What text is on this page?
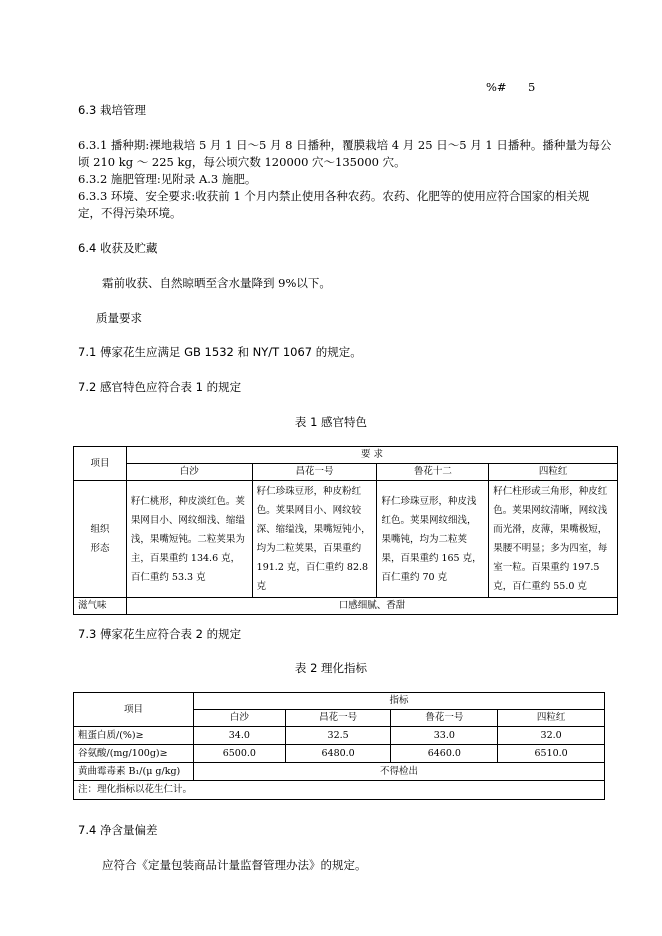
%# 5
6.3 栽培管理
6.3.1 播种期:裸地栽培 5 月 1 日～5 月 8 日播种，覆膜栽培 4 月 25 日～5 月 1 日播种。播种量为每公
顷 210 kg ～ 225 kg，每公顷穴数 120000 穴～135000 穴。
6.3.2 施肥管理:见附录 A.3 施肥。
6.3.3 环境、安全要求:收获前 1 个月内禁止使用各种农药。农药、化肥等的使用应符合国家的相关规
定，不得污染环境。
6.4 收获及贮藏
霜前收获、自然晾晒至含水量降到 9%以下。
质量要求
7.1 傅家花生应满足 GB 1532 和 NY/T 1067 的规定。
7.2 感官特色应符合表 1 的规定
表 1 感官特色
项目	要 求			
	白沙	昌花一号	鲁花十二	四粒红
组织
形态	籽仁桃形，种皮淡红色。荚果网目小、网纹细浅、缩缢浅，果嘴短钝。二粒荚果为主，百果重约 134.6 克，百仁重约 53.3 克	籽仁珍珠豆形，种皮粉红色。荚果网目小、网纹较深、缩缢浅，果嘴短钝小，均为二粒荚果，百果重约 191.2 克，百仁重约 82.8 克	籽仁珍珠豆形，种皮浅红色。荚果网纹细浅，果嘴钝，均为二粒荚果，百果重约 165 克，百仁重约 70 克	籽仁柱形或三角形，种皮红色。荚果网纹清晰，网纹浅而光滑，皮薄，果嘴极短，果腰不明显；多为四室，每室一粒。百果重约 197.5 克，百仁重约 55.0 克
滋气味	口感细腻、香甜			
7.3 傅家花生应符合表 2 的规定
表 2 理化指标
项目	指标			
	白沙	昌花一号	鲁花一号	四粒红
粗蛋白质/(%)≥	34.0	32.5	33.0	32.0
谷氨酸/(mg/100g)≥	6500.0	6480.0	6460.0	6510.0
黄曲霉毒素 B₁/(μ g/kg)	不得检出			
注：理化指标以花生仁计。				
7.4 净含量偏差
应符合《定量包装商品计量监督管理办法》的规定。
